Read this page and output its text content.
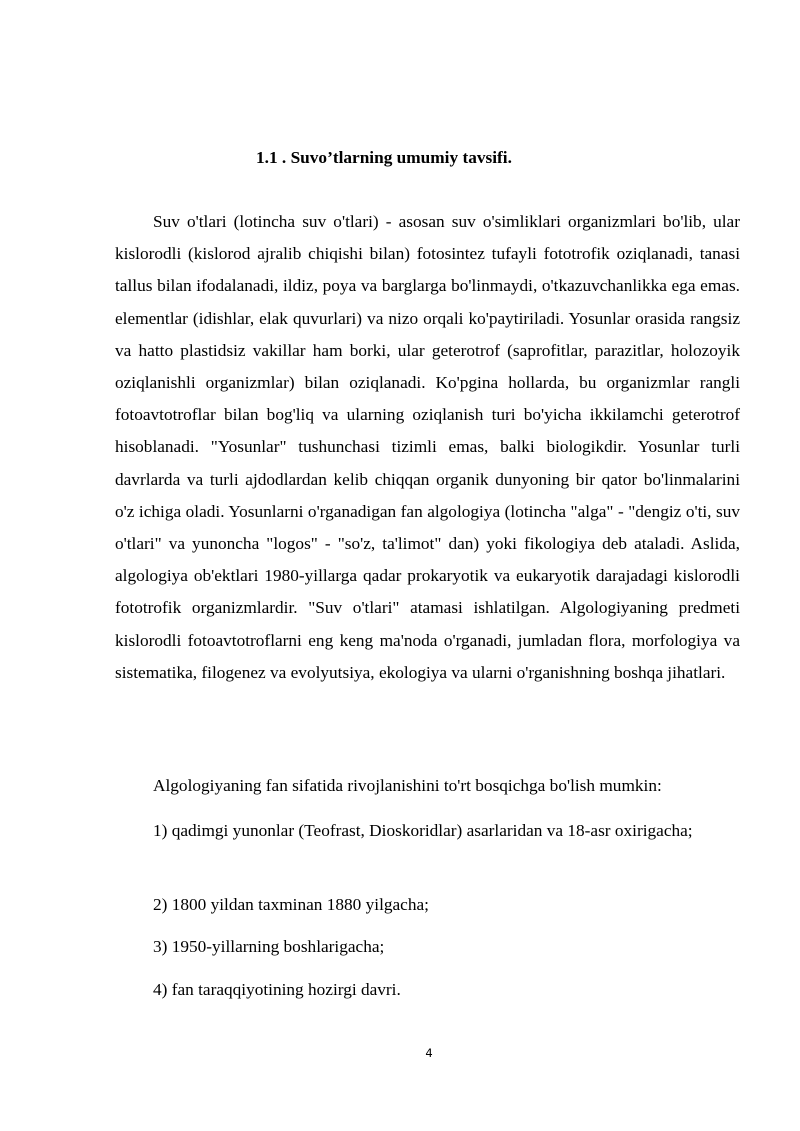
1.1 . Suvo’tlarning umumiy tavsifi.

Suv o'tlari (lotincha suv o'tlari) - asosan suv o'simliklari organizmlari bo'lib, ular kislorodli (kislorod ajralib chiqishi bilan) fotosintez tufayli fototrofik oziqlanadi, tanasi tallus bilan ifodalanadi, ildiz, poya va barglarga bo'linmaydi, o'tkazuvchanlikka ega emas. elementlar (idishlar, elak quvurlari) va nizo orqali ko'paytiriladi. Yosunlar orasida rangsiz va hatto plastidsiz vakillar ham borki, ular geterotrof (saprofitlar, parazitlar, holozoyik oziqlanishli organizmlar) bilan oziqlanadi. Ko'pgina hollarda, bu organizmlar rangli fotoavtotroflar bilan bog'liq va ularning oziqlanish turi bo'yicha ikkilamchi geterotrof hisoblanadi. "Yosunlar" tushunchasi tizimli emas, balki biologikdir. Yosunlar turli davrlarda va turli ajdodlardan kelib chiqqan organik dunyoning bir qator bo'linmalarini o'z ichiga oladi. Yosunlarni o'rganadigan fan algologiya (lotincha "alga" - "dengiz o'ti, suv o'tlari" va yunoncha "logos" - "so'z, ta'limot" dan) yoki fikologiya deb ataladi. Aslida, algologiya ob'ektlari 1980-yillarga qadar prokaryotik va eukaryotik darajadagi kislorodli fototrofik organizmlardir. "Suv o'tlari" atamasi ishlatilgan. Algologiyaning predmeti kislorodli fotoavtotroflarni eng keng ma'noda o'rganadi, jumladan flora, morfologiya va sistematika, filogenez va evolyutsiya, ekologiya va ularni o'rganishning boshqa jihatlari.

Algologiyaning fan sifatida rivojlanishini to'rt bosqichga bo'lish mumkin:

1) qadimgi yunonlar (Teofrast, Dioskoridlar) asarlaridan va 18-asr oxirigacha;

2) 1800 yildan taxminan 1880 yilgacha;

3) 1950-yillarning boshlarigacha;

4) fan taraqqiyotining hozirgi davri.

4
